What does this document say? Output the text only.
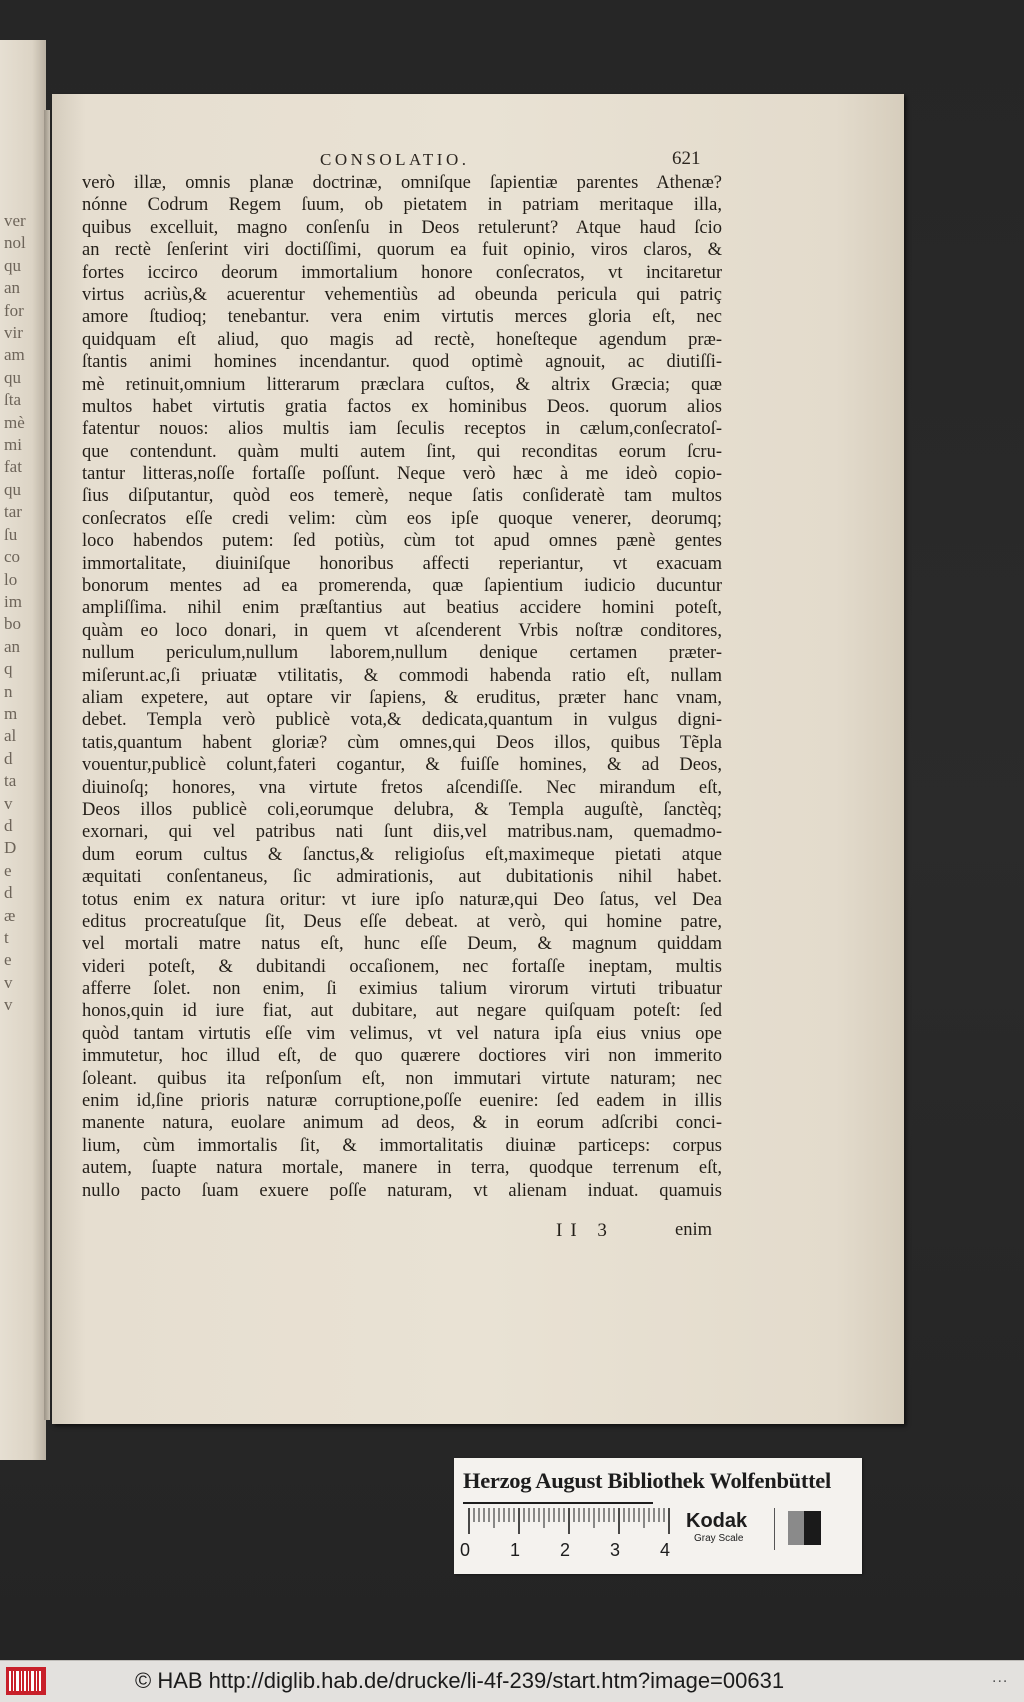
ver
nol
qu
an
for
vir
am
qu
ſta
mè
mi
fat
qu
tar
ſu
co
lo
im
bo
an
q
n
m
al
d
ta
v
d
D
e
d
æ
t
e
v
v
CONSOLATIO.	621
verò illæ, omnis planæ doctrinæ, omniſque ſapientiæ parentes Athenæ?
nónne Codrum Regem ſuum, ob pietatem in patriam meritaque illa,
quibus excelluit, magno conſenſu in Deos retulerunt? Atque haud ſcio
an rectè ſenſerint viri doctiſſimi, quorum ea fuit opinio, viros claros, &
fortes iccirco deorum immortalium honore conſecratos, vt incitaretur
virtus acriùs,& acuerentur vehementiùs ad obeunda pericula qui patriç
amore ſtudioq; tenebantur. vera enim virtutis merces gloria eſt, nec
quidquam eſt aliud, quo magis ad rectè, honeſteque agendum præ-
ſtantis animi homines incendantur. quod optimè agnouit, ac diutiſſi-
mè retinuit,omnium litterarum præclara cuſtos, & altrix Græcia; quæ
multos habet virtutis gratia factos ex hominibus Deos. quorum alios
fatentur nouos: alios multis iam ſeculis receptos in cælum,conſecratoſ-
que contendunt. quàm multi autem ſint, qui reconditas eorum ſcru-
tantur litteras,noſſe fortaſſe poſſunt. Neque verò hæc à me ideò copio-
ſius diſputantur, quòd eos temerè, neque ſatis conſideratè tam multos
conſecratos eſſe credi velim: cùm eos ipſe quoque venerer, deorumq;
loco habendos putem: ſed potiùs, cùm tot apud omnes pænè gentes
immortalitate, diuiniſque honoribus affecti reperiantur, vt exacuam
bonorum mentes ad ea promerenda, quæ ſapientium iudicio ducuntur
ampliſſima. nihil enim præſtantius aut beatius accidere homini poteſt,
quàm eo loco donari, in quem vt aſcenderent Vrbis noſtræ conditores,
nullum periculum,nullum laborem,nullum denique certamen præter-
miſerunt.ac,ſi priuatæ vtilitatis, & commodi habenda ratio eſt, nullam
aliam expetere, aut optare vir ſapiens, & eruditus, præter hanc vnam,
debet. Templa verò publicè vota,& dedicata,quantum in vulgus digni-
tatis,quantum habent gloriæ? cùm omnes,qui Deos illos, quibus Tẽpla
vouentur,publicè colunt,fateri cogantur, & fuiſſe homines, & ad Deos,
diuinoſq; honores, vna virtute fretos aſcendiſſe. Nec mirandum eſt,
Deos illos publicè coli,eorumque delubra, & Templa auguſtè, ſanctèq;
exornari, qui vel patribus nati ſunt diis,vel matribus.nam, quemadmo-
dum eorum cultus & ſanctus,& religioſus eſt,maximeque pietati atque
æquitati conſentaneus, ſic admirationis, aut dubitationis nihil habet.
totus enim ex natura oritur: vt iure ipſo naturæ,qui Deo ſatus, vel Dea
editus procreatuſque ſit, Deus eſſe debeat. at verò, qui homine patre,
vel mortali matre natus eſt, hunc eſſe Deum, & magnum quiddam
videri poteſt, & dubitandi occaſionem, nec fortaſſe ineptam, multis
afferre ſolet. non enim, ſi eximius talium virorum virtuti tribuatur
honos,quin id iure fiat, aut dubitare, aut negare quiſquam poteſt: ſed
quòd tantam virtutis eſſe vim velimus, vt vel natura ipſa eius vnius ope
immutetur, hoc illud eſt, de quo quærere doctiores viri non immerito
ſoleant. quibus ita reſponſum eſt, non immutari virtute naturam; nec
enim id,ſine prioris naturæ corruptione,poſſe euenire: ſed eadem in illis
manente natura, euolare animum ad deos, & in eorum adſcribi conci-
lium, cùm immortalis ſit, & immortalitatis diuinæ particeps: corpus
autem, ſuapte natura mortale, manere in terra, quodque terrenum eſt,
nullo pacto ſuam exuere poſſe naturam, vt alienam induat. quamuis
II 3	enim
Herzog August Bibliothek Wolfenbüttel
0 1 2 3 4
Kodak
Gray Scale
© HAB http://diglib.hab.de/drucke/li-4f-239/start.htm?image=00631	...
